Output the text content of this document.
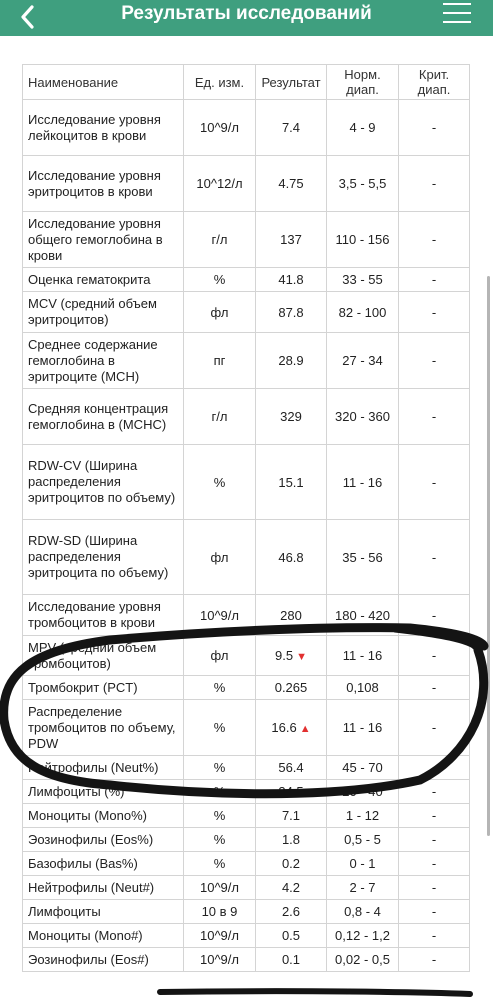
Результаты исследований
Наименование	Ед. изм.	Результат	Норм. диап.	Крит. диап.
Исследование уровня лейкоцитов в крови	10^9/л	7.4	4 - 9	-
Исследование уровня эритроцитов в крови	10^12/л	4.75	3,5 - 5,5	-
Исследование уровня общего гемоглобина в крови	г/л	137	110 - 156	-
Оценка гематокрита	%	41.8	33 - 55	-
MCV (средний объем эритроцитов)	фл	87.8	82 - 100	-
Среднее содержание гемоглобина в эритроците (MCH)	пг	28.9	27 - 34	-
Средняя концентрация гемоглобина в (MCHC)	г/л	329	320 - 360	-
RDW-CV (Ширина распределения эритроцитов по объему)	%	15.1	11 - 16	-
RDW-SD (Ширина распределения эритроцита по объему)	фл	46.8	35 - 56	-
Исследование уровня тромбоцитов в крови	10^9/л	280	180 - 420	-
MPV (средний объем тромбоцитов)	фл	9.5 ▼	11 - 16	-
Тромбокрит (PCT)	%	0.265	0,108	-
Распределение тромбоцитов по объему, PDW	%	16.6 ▲	11 - 16	-
Нейтрофилы (Neut%)	%	56.4	45 - 70	-
Лимфоциты (%)	%	34.5	20 - 40	-
Моноциты (Mono%)	%	7.1	1 - 12	-
Эозинофилы (Eos%)	%	1.8	0,5 - 5	-
Базофилы (Bas%)	%	0.2	0 - 1	-
Нейтрофилы (Neut#)	10^9/л	4.2	2 - 7	-
Лимфоциты	10 в 9	2.6	0,8 - 4	-
Моноциты (Mono#)	10^9/л	0.5	0,12 - 1,2	-
Эозинофилы (Eos#)	10^9/л	0.1	0,02 - 0,5	-
